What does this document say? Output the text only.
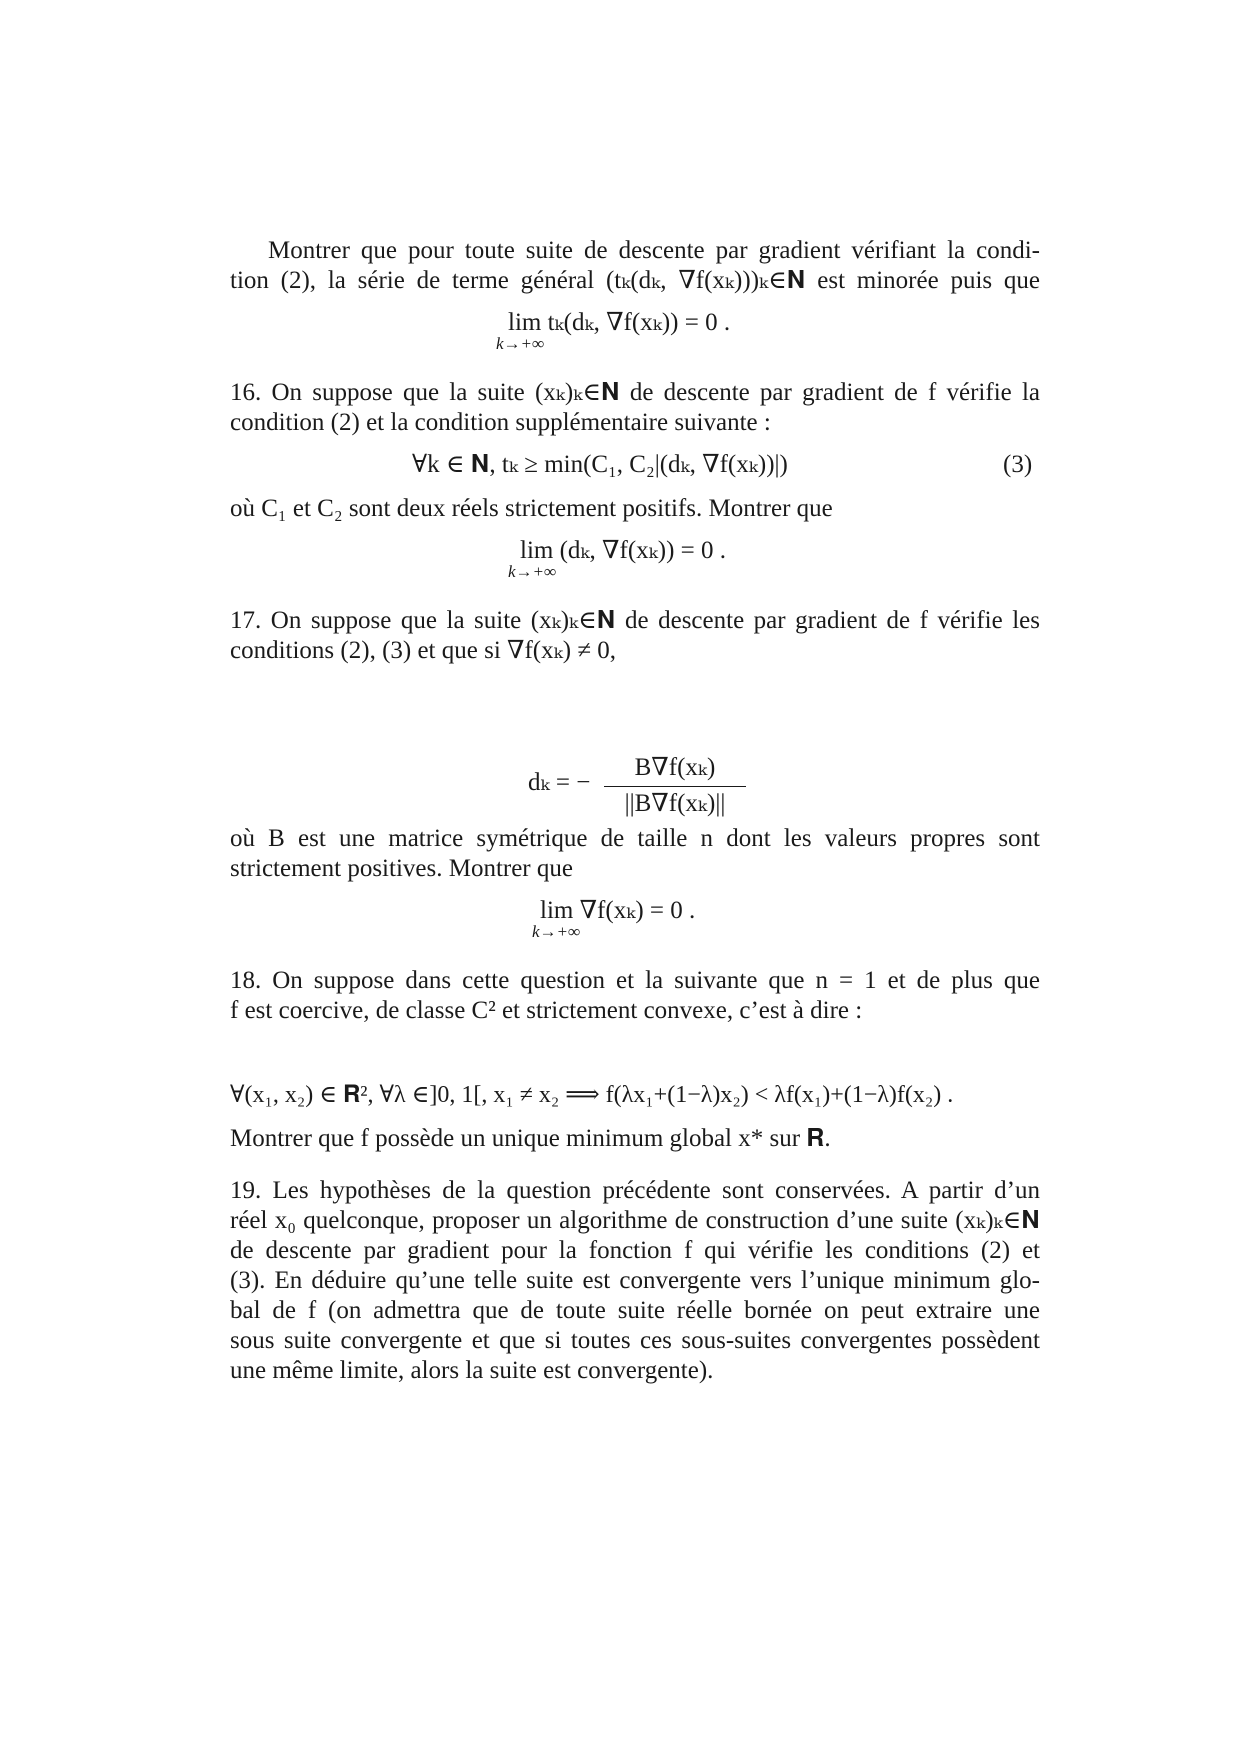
Montrer que pour toute suite de descente par gradient vérifiant la condi-
tion (2), la série de terme général (tₖ(dₖ, ∇f(xₖ)))ₖ∈𝐍 est minorée puis que
lim tₖ(dₖ, ∇f(xₖ)) = 0 .
k→+∞
16. On suppose que la suite (xₖ)ₖ∈𝐍 de descente par gradient de f vérifie la
condition (2) et la condition supplémentaire suivante :
∀k ∈ 𝐍, tₖ ≥ min(C₁, C₂|(dₖ, ∇f(xₖ))|)	(3)
où C₁ et C₂ sont deux réels strictement positifs. Montrer que
lim (dₖ, ∇f(xₖ)) = 0 .
k→+∞
17. On suppose que la suite (xₖ)ₖ∈𝐍 de descente par gradient de f vérifie les
conditions (2), (3) et que si ∇f(xₖ) ≠ 0,
dₖ = −
B∇f(xₖ)
||B∇f(xₖ)||
où B est une matrice symétrique de taille n dont les valeurs propres sont
strictement positives. Montrer que
lim ∇f(xₖ) = 0 .
k→+∞
18. On suppose dans cette question et la suivante que n = 1 et de plus que
f est coercive, de classe C² et strictement convexe, c’est à dire :
∀(x₁, x₂) ∈ 𝐑², ∀λ ∈]0, 1[, x₁ ≠ x₂ ⟹ f(λx₁+(1−λ)x₂) < λf(x₁)+(1−λ)f(x₂) .
Montrer que f possède un unique minimum global x* sur 𝐑.
19. Les hypothèses de la question précédente sont conservées. A partir d’un
réel x₀ quelconque, proposer un algorithme de construction d’une suite (xₖ)ₖ∈𝐍
de descente par gradient pour la fonction f qui vérifie les conditions (2) et
(3). En déduire qu’une telle suite est convergente vers l’unique minimum glo-
bal de f (on admettra que de toute suite réelle bornée on peut extraire une
sous suite convergente et que si toutes ces sous-suites convergentes possèdent
une même limite, alors la suite est convergente).
